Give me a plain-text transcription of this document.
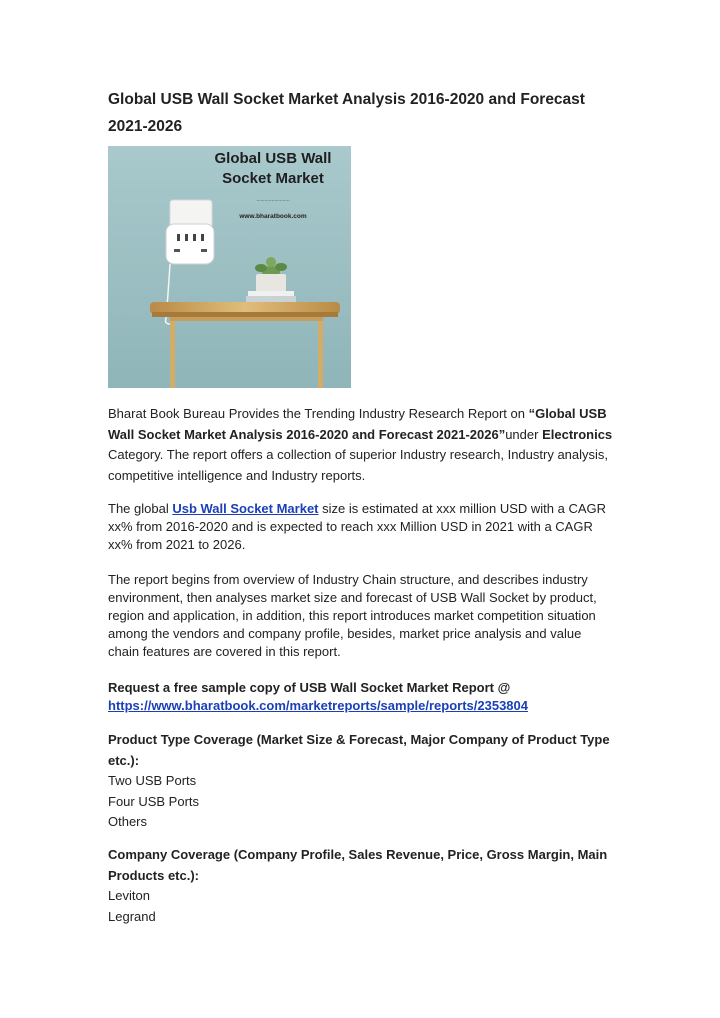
Global USB Wall Socket Market Analysis 2016-2020 and Forecast 2021-2026
Global USB Wall
Socket Market
........................
www.bharatbook.com

Bharat Book Bureau Provides the Trending Industry Research Report on “Global USB Wall Socket Market Analysis 2016-2020 and Forecast 2021-2026”under Electronics Category. The report offers a collection of superior Industry research, Industry analysis, competitive intelligence and Industry reports.

The global Usb Wall Socket Market size is estimated at xxx million USD with a CAGR xx% from 2016-2020 and is expected to reach xxx Million USD in 2021 with a CAGR xx% from 2021 to 2026.

The report begins from overview of Industry Chain structure, and describes industry environment, then analyses market size and forecast of USB Wall Socket by product, region and application, in addition, this report introduces market competition situation among the vendors and company profile, besides, market price analysis and value chain features are covered in this report.

Request a free sample copy of USB Wall Socket Market Report @
https://www.bharatbook.com/marketreports/sample/reports/2353804

Product Type Coverage (Market Size & Forecast, Major Company of Product Type etc.):
Two USB Ports
Four USB Ports
Others
Company Coverage (Company Profile, Sales Revenue, Price, Gross Margin, Main Products etc.):
Leviton
Legrand
